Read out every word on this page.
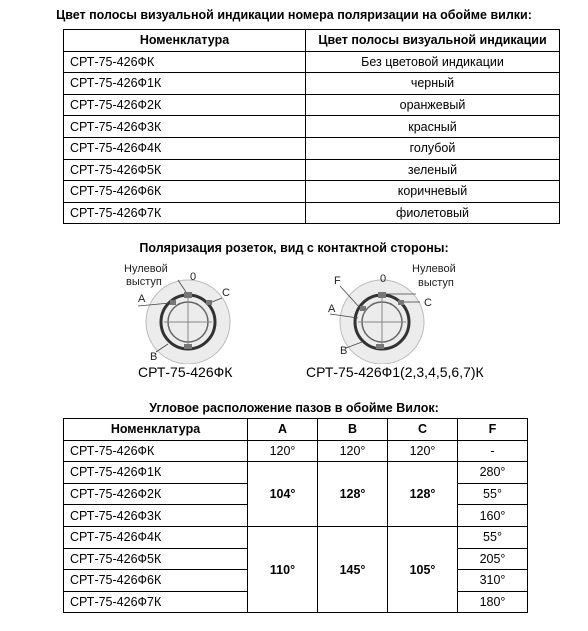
Цвет полосы визуальной индикации номера поляризации на обойме вилки:
Номенклатура	Цвет полосы визуальной индикации
СРТ-75-426ФК	Без цветовой индикации
СРТ-75-426Ф1К	черный
СРТ-75-426Ф2К	оранжевый
СРТ-75-426Ф3К	красный
СРТ-75-426Ф4К	голубой
СРТ-75-426Ф5К	зеленый
СРТ-75-426Ф6К	коричневый
СРТ-75-426Ф7К	фиолетовый
Поляризация розеток, вид с контактной стороны:
Нулевой
выступ	0
A	C
B
СРТ-75-426ФК
F
A
B
C
0
Нулевой
выступ
СРТ-75-426Ф1(2,3,4,5,6,7)К
Угловое расположение пазов в обойме Вилок:
Номенклатура	A	B	C	F
СРТ-75-426ФК	120°	120°	120°	-
СРТ-75-426Ф1К	104°	128°	128°	280°
СРТ-75-426Ф2К				55°
СРТ-75-426Ф3К				160°
СРТ-75-426Ф4К	110°	145°	105°	55°
СРТ-75-426Ф5К				205°
СРТ-75-426Ф6К				310°
СРТ-75-426Ф7К				180°
